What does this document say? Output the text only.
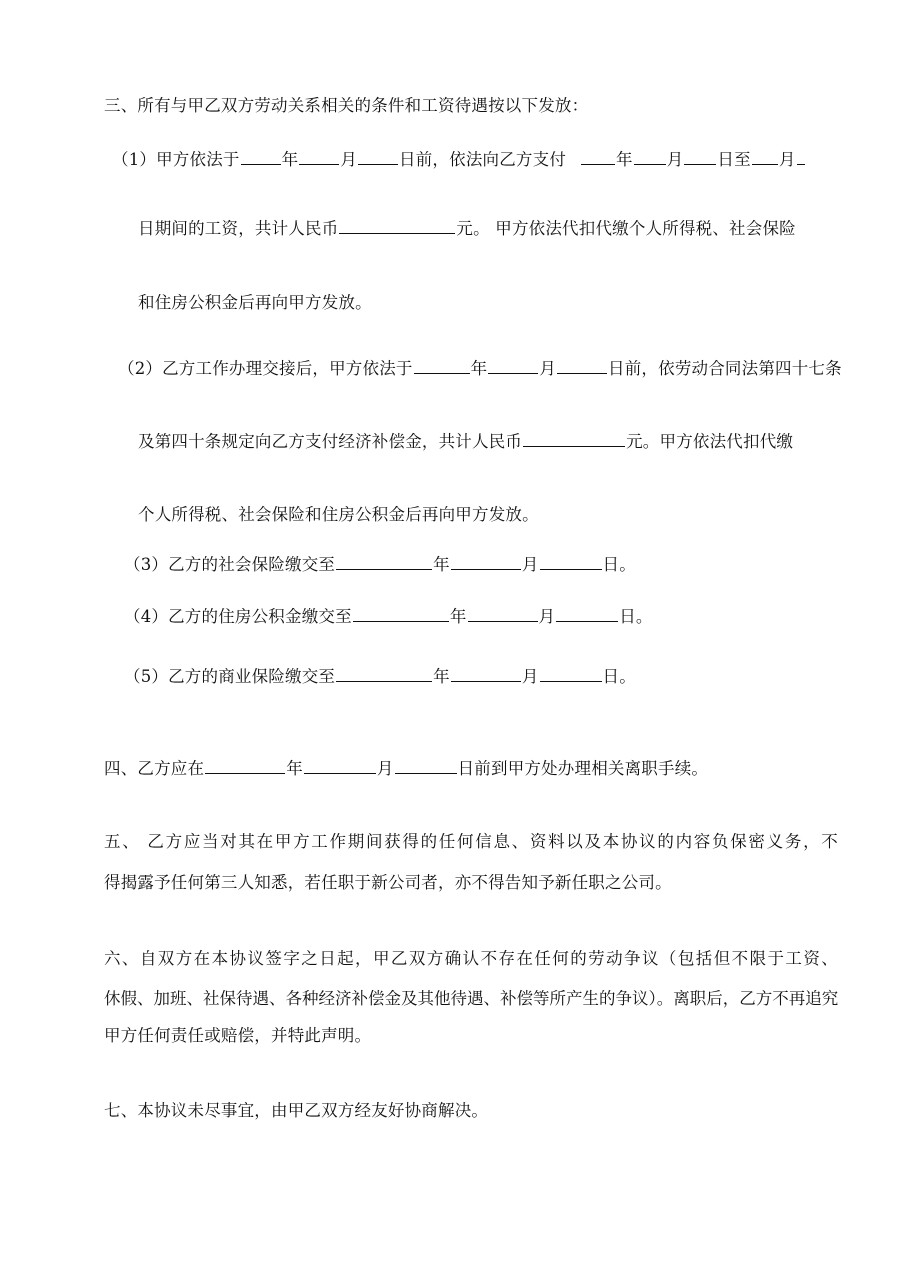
三、所有与甲乙双方劳动关系相关的条件和工资待遇按以下发放：
（1）甲方依法于	年	月	日前，依法向乙方支付	年 月 日至 月
日期间的工资，共计人民币	元。 甲方依法代扣代缴个人所得税、社会保险
和住房公积金后再向甲方发放。
（2）乙方工作办理交接后，甲方依法于	年	月	日前，依劳动合同法第四十七条
及第四十条规定向乙方支付经济补偿金，共计人民币	元。甲方依法代扣代缴
个人所得税、社会保险和住房公积金后再向甲方发放。
（3）乙方的社会保险缴交至	年	月	日。
（4）乙方的住房公积金缴交至	年	月	日。
（5）乙方的商业保险缴交至	年	月	日。
四、乙方应在	年	月	日前到甲方处办理相关离职手续。
五、 乙方应当对其在甲方工作期间获得的任何信息、资料以及本协议的内容负保密义务，不
得揭露予任何第三人知悉，若任职于新公司者，亦不得告知予新任职之公司。
六、自双方在本协议签字之日起，甲乙双方确认不存在任何的劳动争议（包括但不限于工资、
休假、加班、社保待遇、各种经济补偿金及其他待遇、补偿等所产生的争议）。离职后，乙方不再追究
甲方任何责任或赔偿，并特此声明。
七、本协议未尽事宜，由甲乙双方经友好协商解决。
